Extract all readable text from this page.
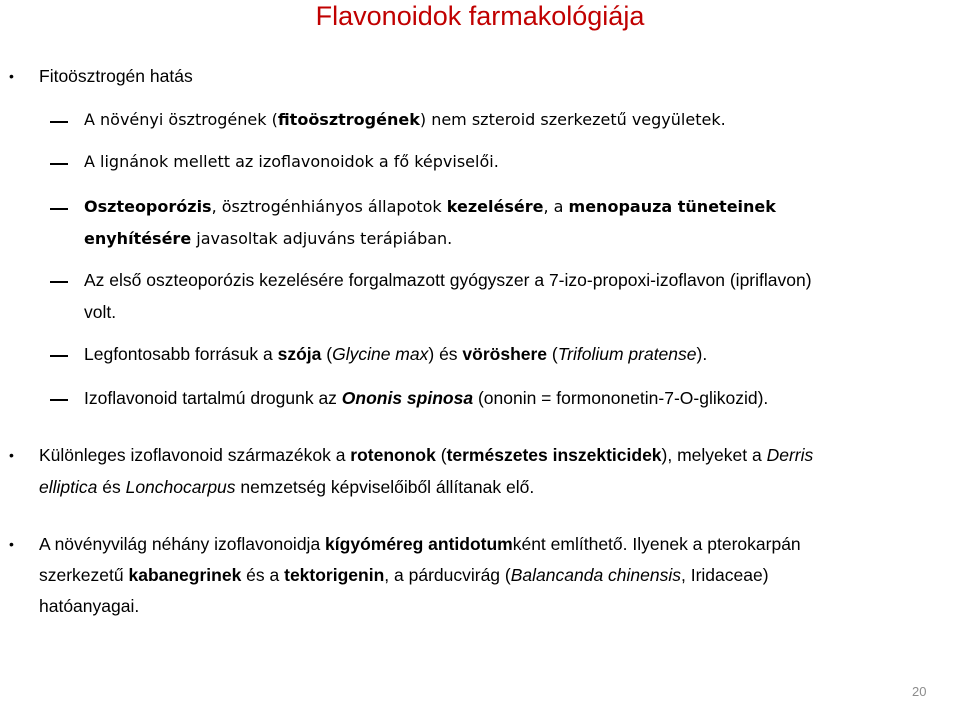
Flavonoidok farmakológiája
• Fitoösztrogén hatás
A növényi ösztrogének (fitoösztrogének) nem szteroid szerkezetű vegyületek.
A lignánok mellett az izoflavonoidok a fő képviselői.
Oszteoporózis, ösztrogénhiányos állapotok kezelésére, a menopauza tüneteinek
enyhítésére javasoltak adjuváns terápiában.
Az első oszteoporózis kezelésére forgalmazott gyógyszer a 7-izo-propoxi-izoflavon (ipriflavon)
volt.
Legfontosabb forrásuk a szója (Glycine max) és vöröshere (Trifolium pratense).
Izoflavonoid tartalmú drogunk az Ononis spinosa (ononin = formononetin-7-O-glikozid).
• Különleges izoflavonoid származékok a rotenonok (természetes inszekticidek), melyeket a Derris
elliptica és Lonchocarpus nemzetség képviselőiből állítanak elő.
• A növényvilág néhány izoflavonoidja kígyóméreg antidotumként említhető. Ilyenek a pterokarpán
szerkezetű kabanegrinek és a tektorigenin, a párducvirág (Balancanda chinensis, Iridaceae)
hatóanyagai.
20
